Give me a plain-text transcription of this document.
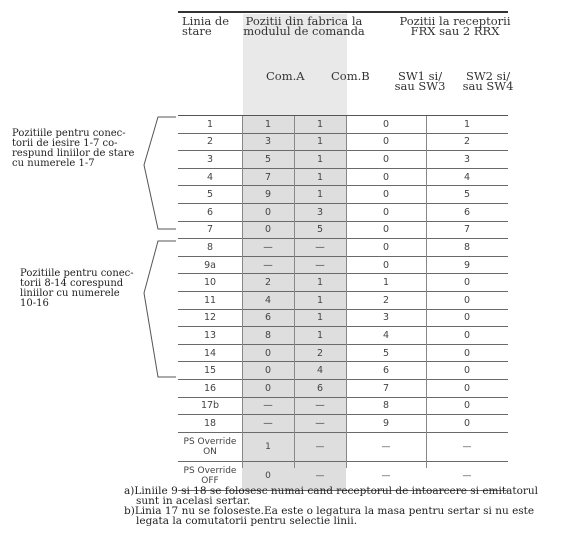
Linia de
stare
Pozitii din fabrica la
modulul de comanda
Pozitii la receptorii
FRX sau 2 RRX
Com.A Com.B	SW1 si/
sau SW3
SW2 si/
sau SW4
1	1	1	0	1
2	3	1	0	2
3	5	1	0	3
4	7	1	0	4
5	9	1	0	5
6	0	3	0	6
7	0	5	0	7
8	—	—	0	8
9a	—	—	0	9
10	2	1	1	0
11	4	1	2	0
12	6	1	3	0
13	8	1	4	0
14	0	2	5	0
15	0	4	6	0
16	0	6	7	0
17b	—	—	8	0
18	—	—	9	0

PS Override
ON	1	—	—	—

PS Override
OFF	0	—	—	—
Pozitiile pentru conec-
torii de iesire 1-7 co-
respund liniilor de stare
cu numerele 1-7
Pozitiile pentru conec-
torii 8-14 corespund
liniilor cu numerele
10-16
a)Liniile 9 si 18 se folosesc numai cand receptorul de intoarcere si emitatorul
sunt in acelasi sertar.
b)Linia 17 nu se foloseste.Ea este o legatura la masa pentru sertar si nu este
legata la comutatorii pentru selectie linii.
